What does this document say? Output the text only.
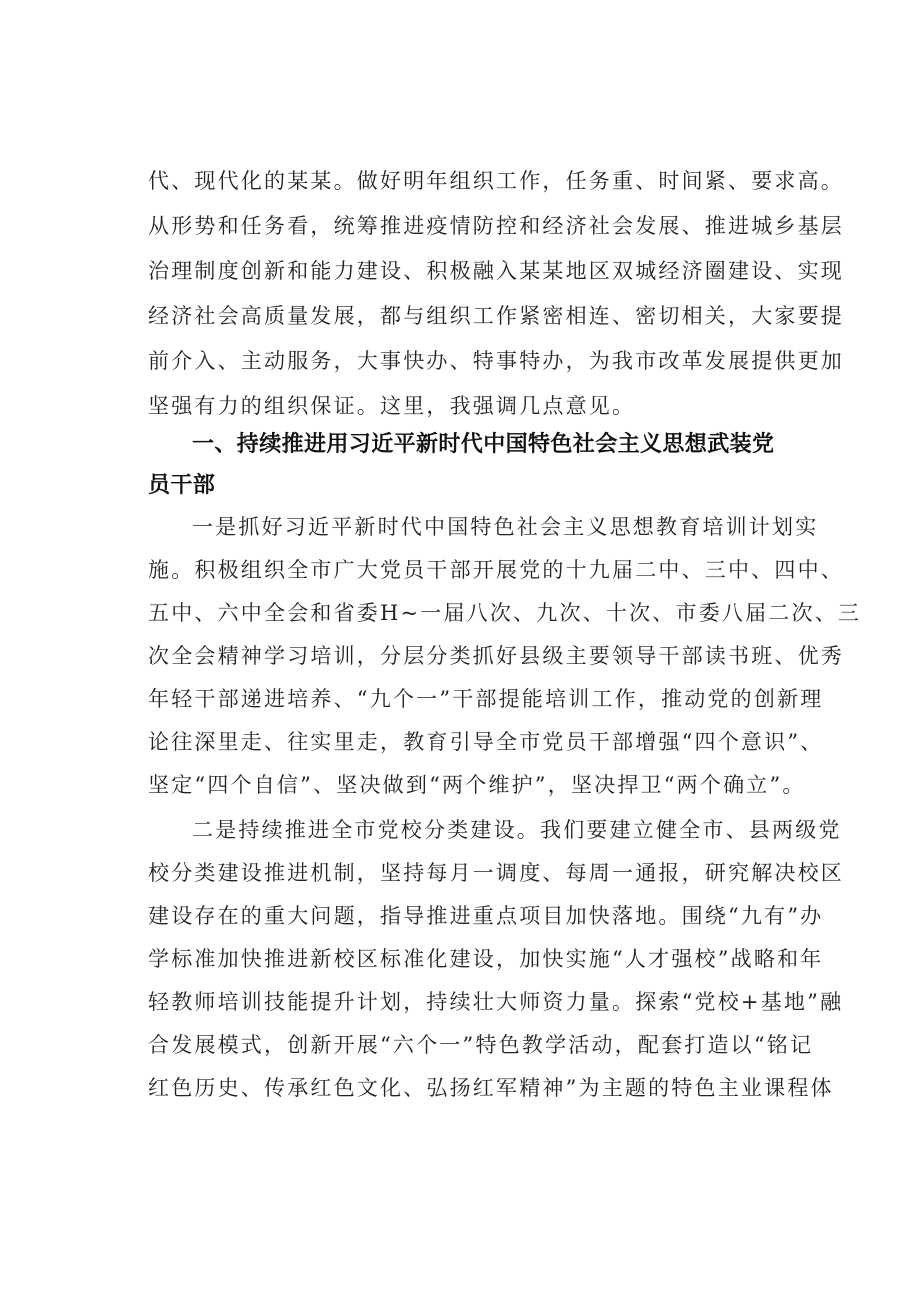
代、现代化的某某。做好明年组织工作，任务重、时间紧、要求高。
从形势和任务看，统筹推进疫情防控和经济社会发展、推进城乡基层
治理制度创新和能力建设、积极融入某某地区双城经济圈建设、实现
经济社会高质量发展，都与组织工作紧密相连、密切相关，大家要提
前介入、主动服务，大事快办、特事特办，为我市改革发展提供更加
坚强有力的组织保证。这里，我强调几点意见。
一、持续推进用习近平新时代中国特色社会主义思想武装党
员干部
一是抓好习近平新时代中国特色社会主义思想教育培训计划实
施。积极组织全市广大党员干部开展党的十九届二中、三中、四中、
五中、六中全会和省委H~一届八次、九次、十次、市委八届二次、三
次全会精神学习培训，分层分类抓好县级主要领导干部读书班、优秀
年轻干部递进培养、“九个一”干部提能培训工作，推动党的创新理
论往深里走、往实里走，教育引导全市党员干部增强“四个意识”、
坚定“四个自信”、坚决做到“两个维护”，坚决捍卫“两个确立”。
二是持续推进全市党校分类建设。我们要建立健全市、县两级党
校分类建设推进机制，坚持每月一调度、每周一通报，研究解决校区
建设存在的重大问题，指导推进重点项目加快落地。围绕“九有”办
学标准加快推进新校区标准化建设，加快实施“人才强校”战略和年
轻教师培训技能提升计划，持续壮大师资力量。探索“党校+基地”融
合发展模式，创新开展“六个一”特色教学活动，配套打造以“铭记
红色历史、传承红色文化、弘扬红军精神”为主题的特色主业课程体
